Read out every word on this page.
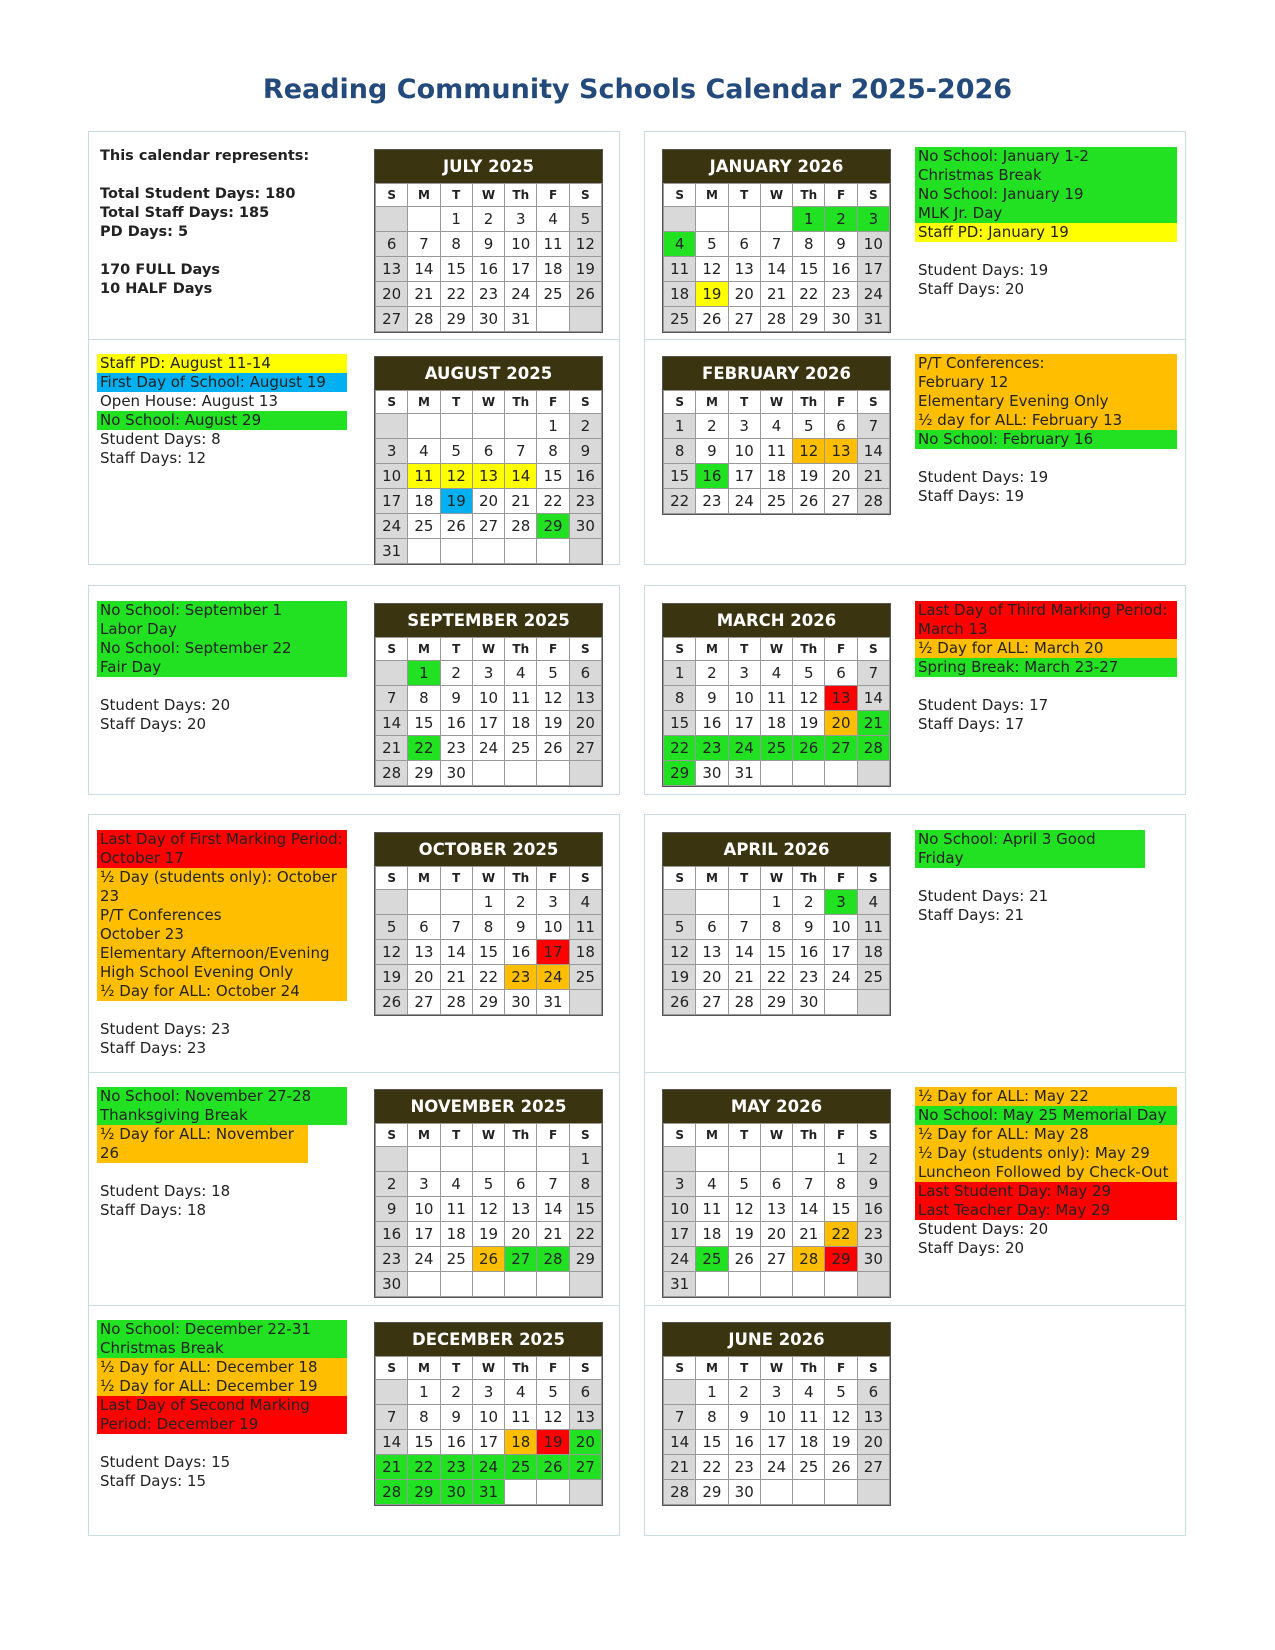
Reading Community Schools Calendar 2025-2026
This calendar represents:
Total Student Days: 180
Total Staff Days: 185
PD Days: 5
170 FULL Days
10 HALF Days
JULY 2025
S	M	T	W	Th	F	S
		1	2	3	4	5
6	7	8	9	10	11	12
13	14	15	16	17	18	19
20	21	22	23	24	25	26
27	28	29	30	31		
Staff PD: August 11-14
First Day of School: August 19
Open House: August 13
No School: August 29
Student Days: 8
Staff Days: 12
AUGUST 2025
S	M	T	W	Th	F	S
					1	2
3	4	5	6	7	8	9
10	11	12	13	14	15	16
17	18	19	20	21	22	23
24	25	26	27	28	29	30
31						
No School: January 1-2
Christmas Break
No School: January 19
MLK Jr. Day
Staff PD: January 19
Student Days: 19
Staff Days: 20
JANUARY 2026
S	M	T	W	Th	F	S
				1	2	3
4	5	6	7	8	9	10
11	12	13	14	15	16	17
18	19	20	21	22	23	24
25	26	27	28	29	30	31
P/T Conferences:
February 12
Elementary Evening Only
½ day for ALL: February 13
No School: February 16
Student Days: 19
Staff Days: 19
FEBRUARY 2026
S	M	T	W	Th	F	S
1	2	3	4	5	6	7
8	9	10	11	12	13	14
15	16	17	18	19	20	21
22	23	24	25	26	27	28
No School: September 1
Labor Day
No School: September 22
Fair Day
Student Days: 20
Staff Days: 20
SEPTEMBER 2025
S	M	T	W	Th	F	S
	1	2	3	4	5	6
7	8	9	10	11	12	13
14	15	16	17	18	19	20
21	22	23	24	25	26	27
28	29	30				
Last Day of Third Marking Period:
March 13
½ Day for ALL: March 20
Spring Break: March 23-27
Student Days: 17
Staff Days: 17
MARCH 2026
S	M	T	W	Th	F	S
1	2	3	4	5	6	7
8	9	10	11	12	13	14
15	16	17	18	19	20	21
22	23	24	25	26	27	28
29	30	31				
Last Day of First Marking Period:
October 17
½ Day (students only): October
23
P/T Conferences
October 23
Elementary Afternoon/Evening
High School Evening Only
½ Day for ALL: October 24
Student Days: 23
Staff Days: 23
OCTOBER 2025
S	M	T	W	Th	F	S
			1	2	3	4
5	6	7	8	9	10	11
12	13	14	15	16	17	18
19	20	21	22	23	24	25
26	27	28	29	30	31	
No School: November 27-28
Thanksgiving Break
½ Day for ALL: November 26
Student Days: 18
Staff Days: 18
NOVEMBER 2025
S	M	T	W	Th	F	S
						1
2	3	4	5	6	7	8
9	10	11	12	13	14	15
16	17	18	19	20	21	22
23	24	25	26	27	28	29
30						
No School: December 22-31
Christmas Break
½ Day for ALL: December 18
½ Day for ALL: December 19
Last Day of Second Marking
Period: December 19
Student Days: 15
Staff Days: 15
DECEMBER 2025
S	M	T	W	Th	F	S
	1	2	3	4	5	6
7	8	9	10	11	12	13
14	15	16	17	18	19	20
21	22	23	24	25	26	27
28	29	30	31			
No School: April 3 Good Friday
Student Days: 21
Staff Days: 21
APRIL 2026
S	M	T	W	Th	F	S
			1	2	3	4
5	6	7	8	9	10	11
12	13	14	15	16	17	18
19	20	21	22	23	24	25
26	27	28	29	30		
½ Day for ALL: May 22
No School: May 25 Memorial Day
½ Day for ALL: May 28
½ Day (students only): May 29
Luncheon Followed by Check-Out
Last Student Day: May 29
Last Teacher Day: May 29
Student Days: 20
Staff Days: 20
MAY 2026
S	M	T	W	Th	F	S
					1	2
3	4	5	6	7	8	9
10	11	12	13	14	15	16
17	18	19	20	21	22	23
24	25	26	27	28	29	30
31						
JUNE 2026
S	M	T	W	Th	F	S
	1	2	3	4	5	6
7	8	9	10	11	12	13
14	15	16	17	18	19	20
21	22	23	24	25	26	27
28	29	30				
